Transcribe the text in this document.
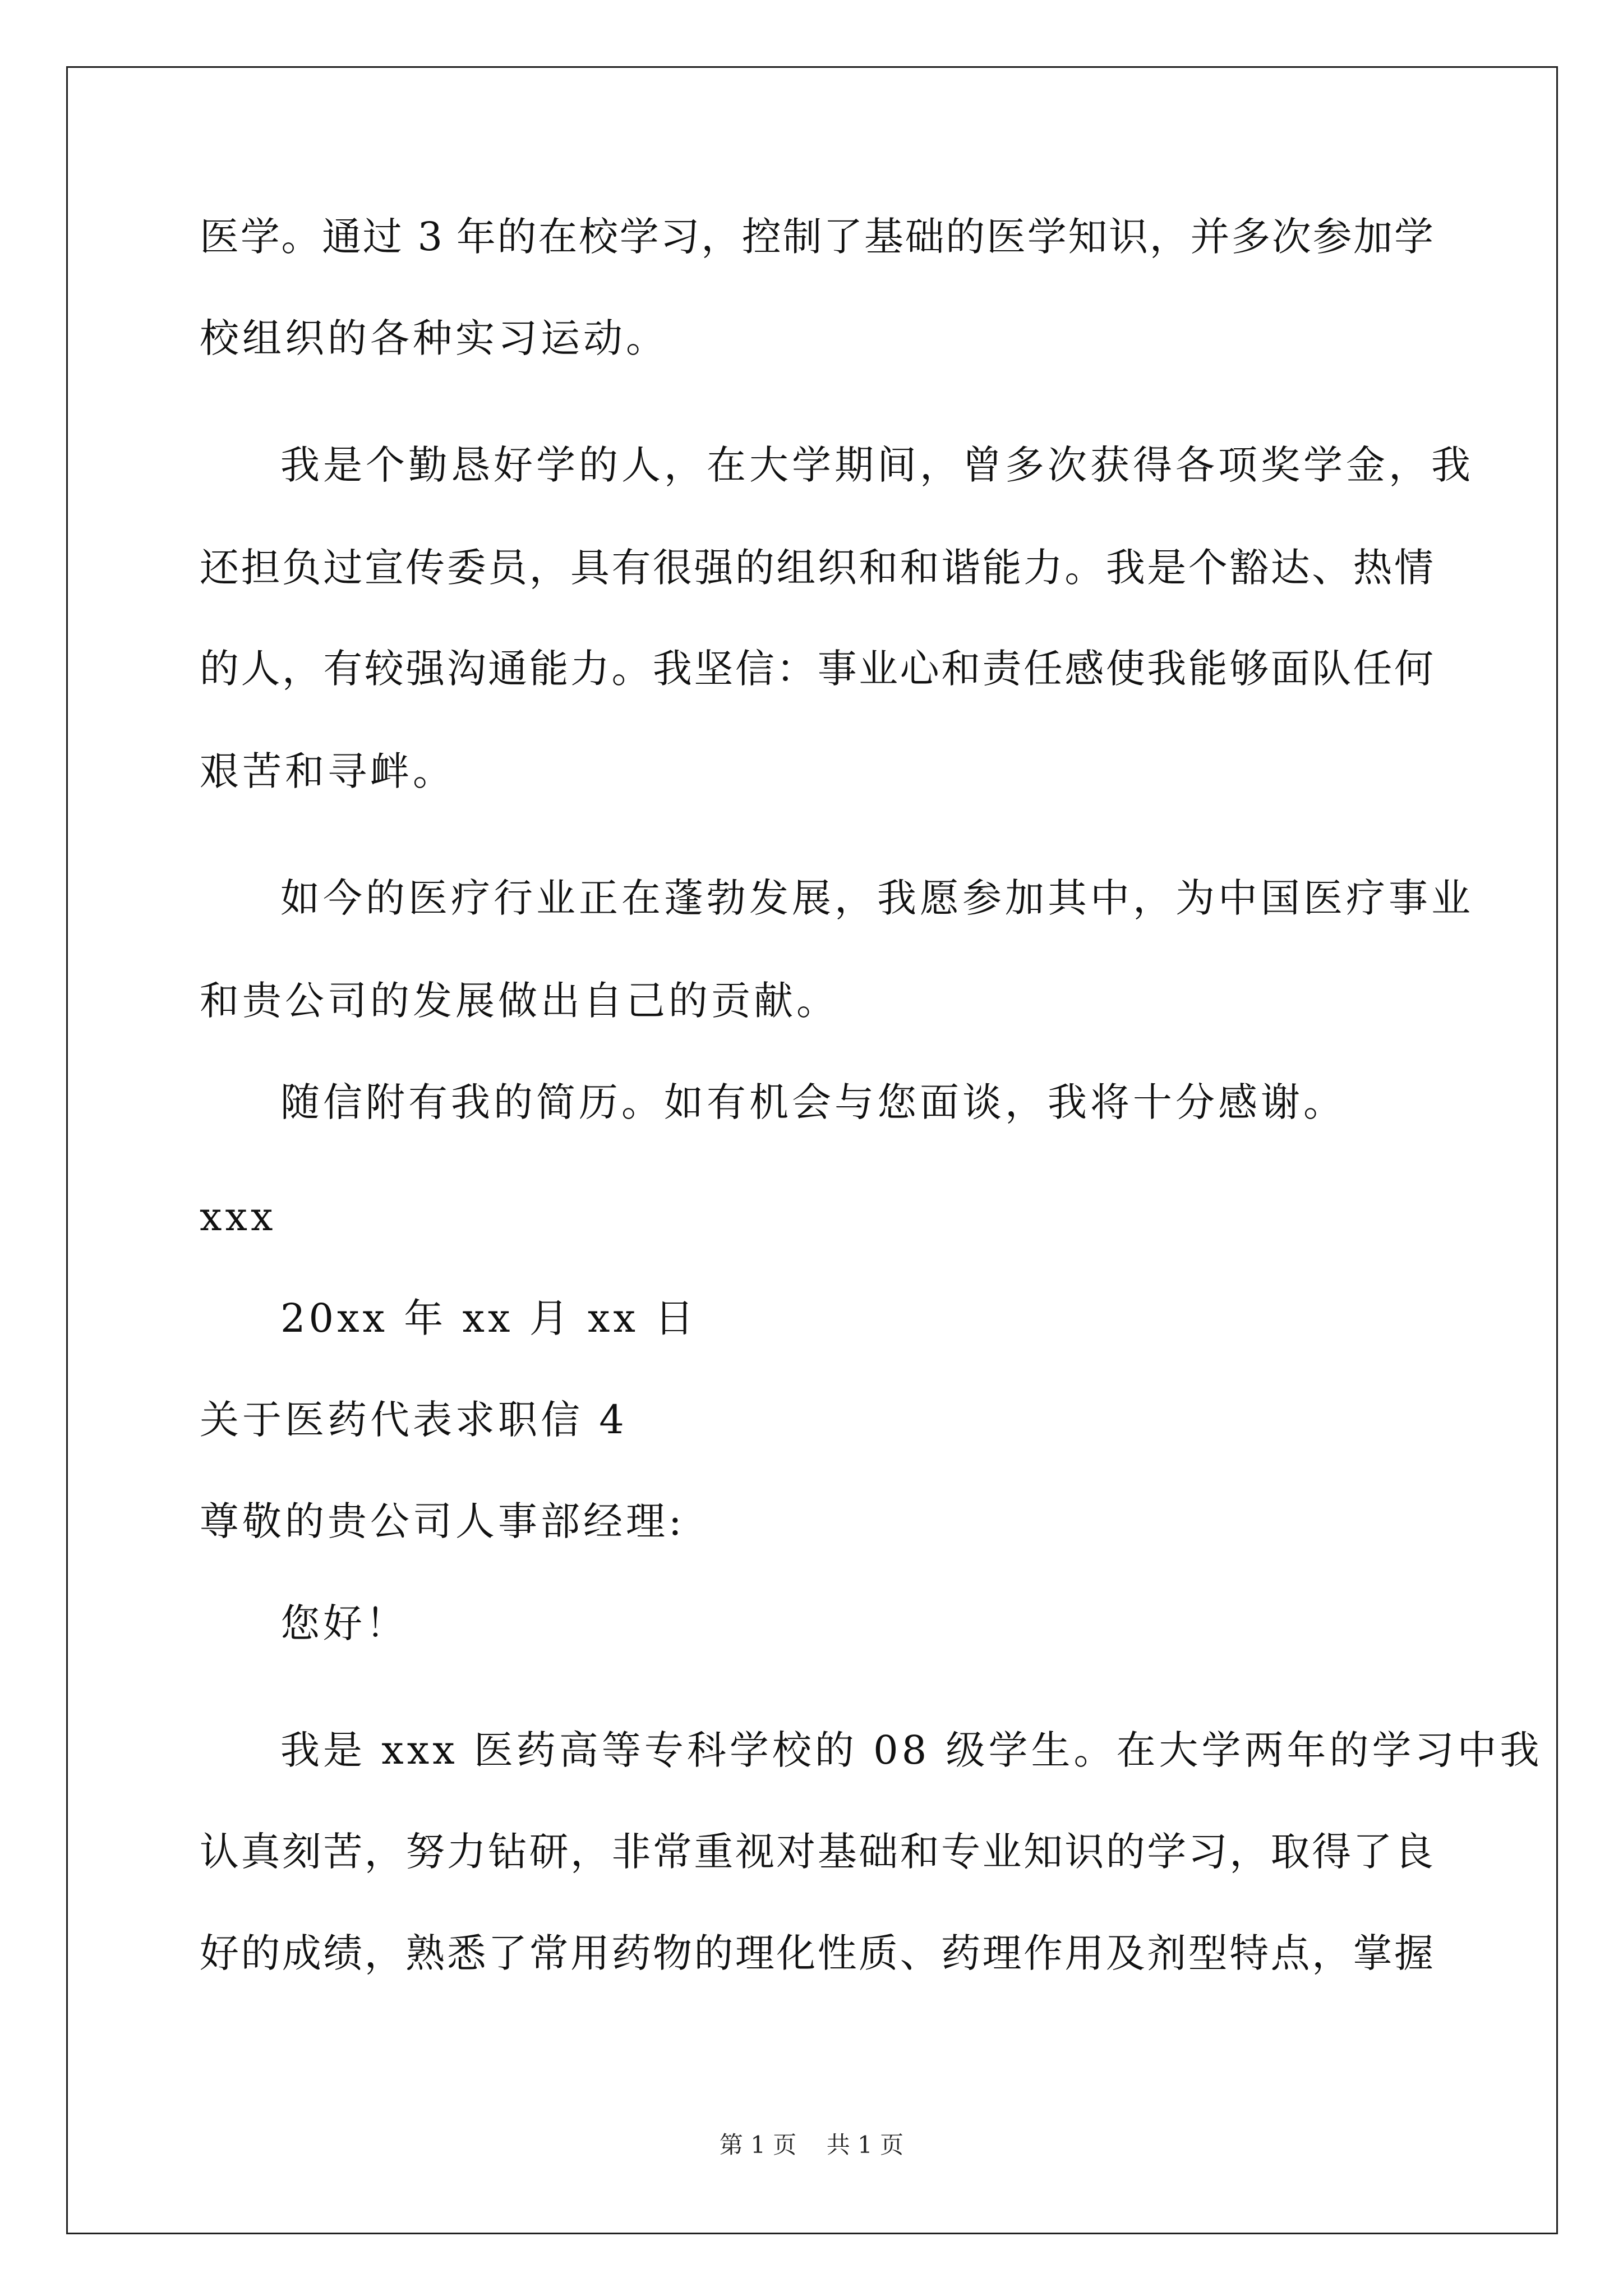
医学。通过 3 年的在校学习，控制了基础的医学知识，并多次参加学
校组织的各种实习运动。
我是个勤恳好学的人，在大学期间，曾多次获得各项奖学金，我
还担负过宣传委员，具有很强的组织和和谐能力。我是个豁达、热情
的人，有较强沟通能力。我坚信：事业心和责任感使我能够面队任何
艰苦和寻衅。
如今的医疗行业正在蓬勃发展，我愿参加其中，为中国医疗事业
和贵公司的发展做出自己的贡献。
随信附有我的简历。如有机会与您面谈，我将十分感谢。
xxx
20xx 年 xx 月 xx 日
关于医药代表求职信 4
尊敬的贵公司人事部经理:
您好！
我是 xxx 医药高等专科学校的 08 级学生。在大学两年的学习中我
认真刻苦，努力钻研，非常重视对基础和专业知识的学习，取得了良
好的成绩，熟悉了常用药物的理化性质、药理作用及剂型特点，掌握
第 1 页    共 1 页
